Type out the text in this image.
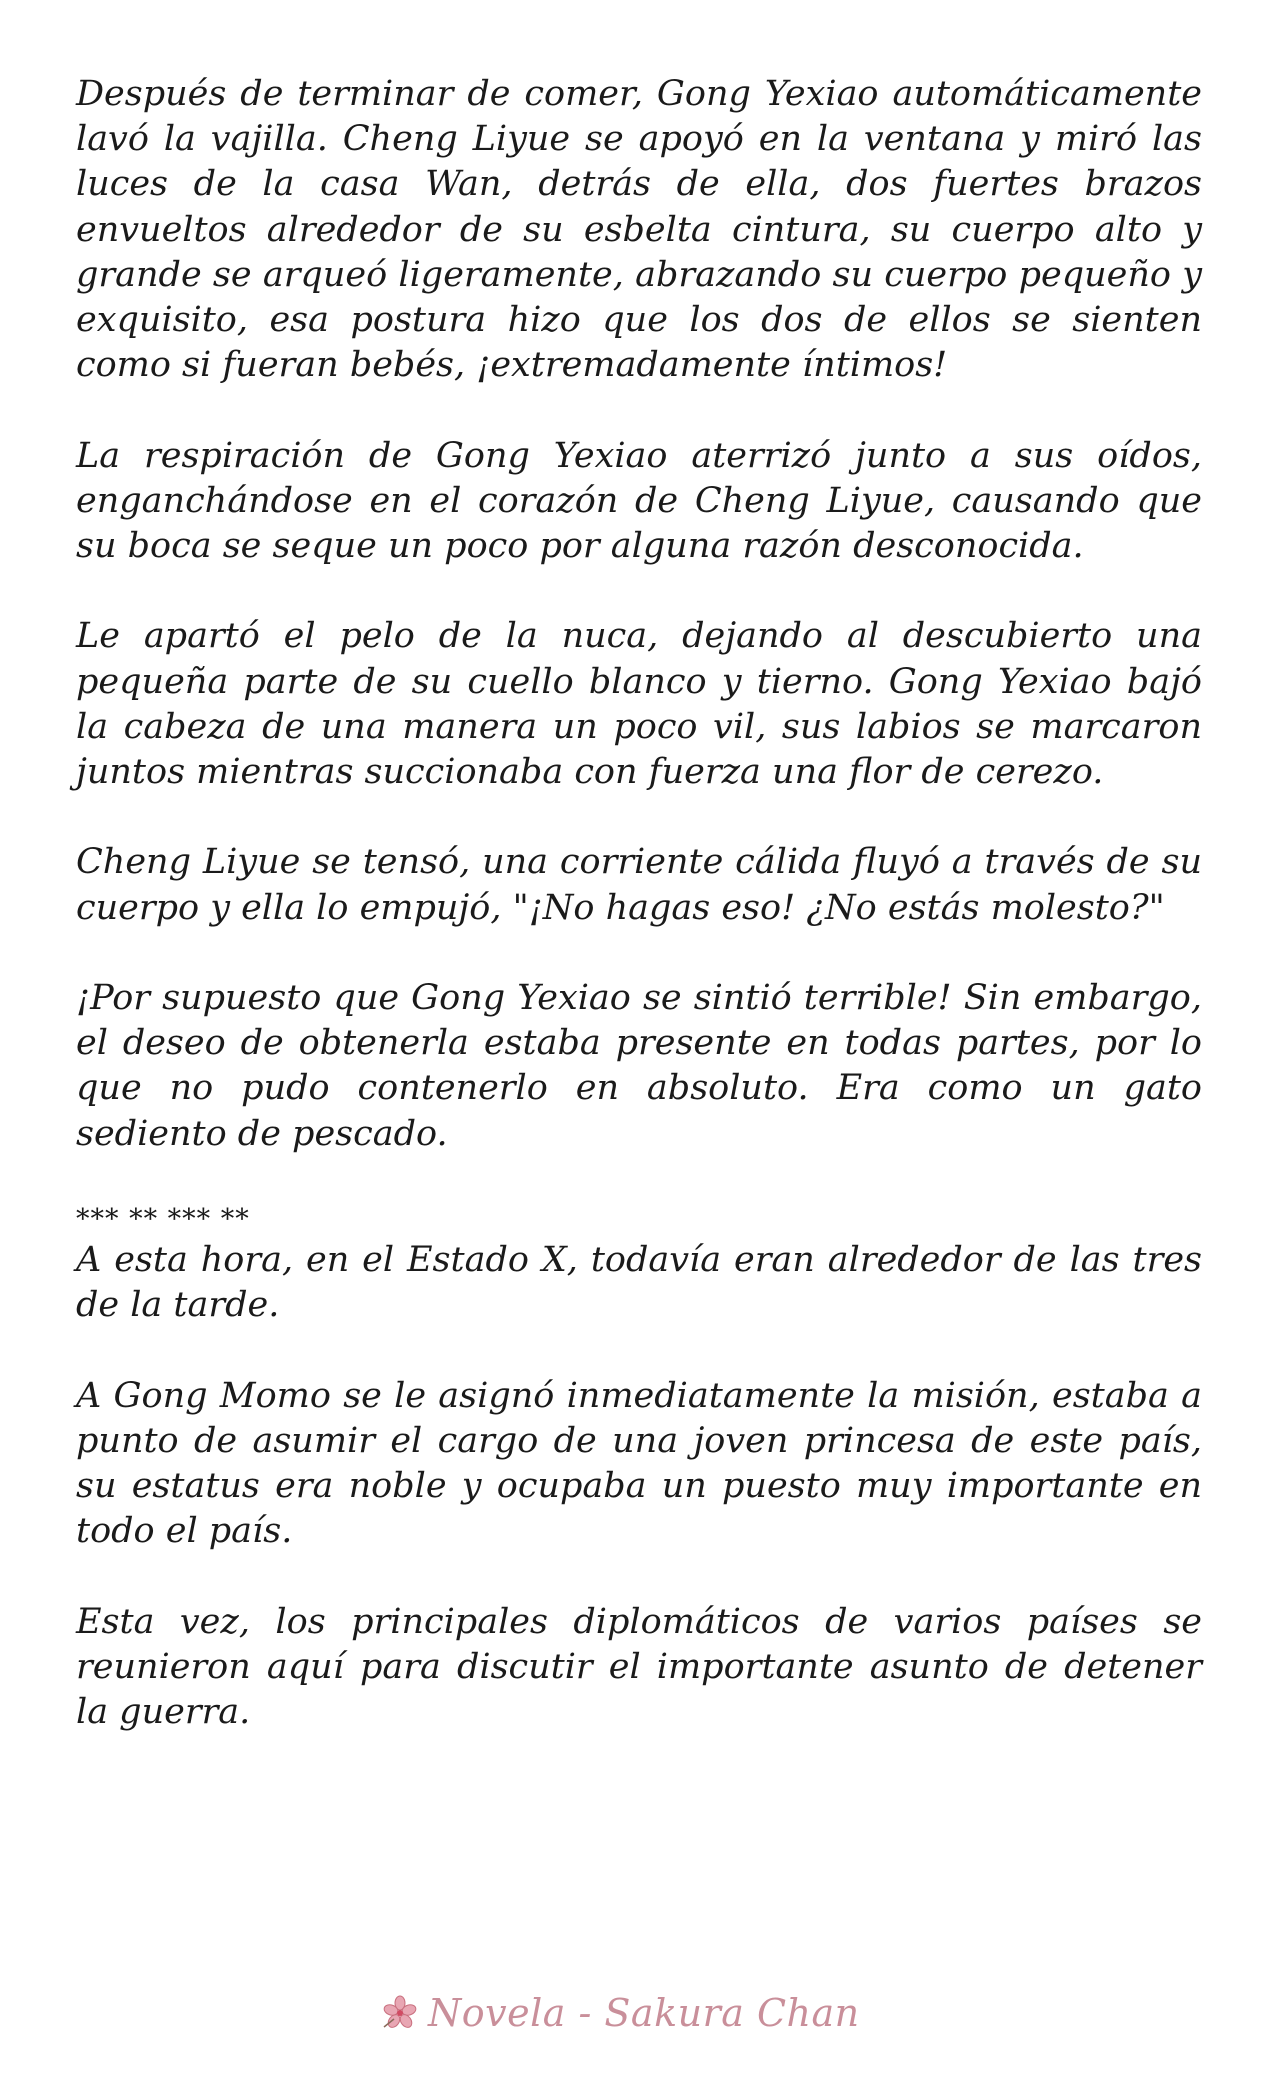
Después de terminar de comer, Gong Yexiao automáticamente lavó la vajilla. Cheng Liyue se apoyó en la ventana y miró las luces de la casa Wan, detrás de ella, dos fuertes brazos envueltos alrededor de su esbelta cintura, su cuerpo alto y grande se arqueó ligeramente, abrazando su cuerpo pequeño y exquisito, esa postura hizo que los dos de ellos se sienten como si fueran bebés, ¡extremadamente íntimos!

La respiración de Gong Yexiao aterrizó junto a sus oídos, enganchándose en el corazón de Cheng Liyue, causando que su boca se seque un poco por alguna razón desconocida.

Le apartó el pelo de la nuca, dejando al descubierto una pequeña parte de su cuello blanco y tierno. Gong Yexiao bajó la cabeza de una manera un poco vil, sus labios se marcaron juntos mientras succionaba con fuerza una flor de cerezo.

Cheng Liyue se tensó, una corriente cálida fluyó a través de su cuerpo y ella lo empujó, "¡No hagas eso! ¿No estás molesto?"

¡Por supuesto que Gong Yexiao se sintió terrible! Sin embargo, el deseo de obtenerla estaba presente en todas partes, por lo que no pudo contenerlo en absoluto. Era como un gato sediento de pescado.

*** ** *** **

A esta hora, en el Estado X, todavía eran alrededor de las tres de la tarde.

A Gong Momo se le asignó inmediatamente la misión, estaba a punto de asumir el cargo de una joven princesa de este país, su estatus era noble y ocupaba un puesto muy importante en todo el país.

Esta vez, los principales diplomáticos de varios países se reunieron aquí para discutir el importante asunto de detener la guerra.

Novela - Sakura Chan
